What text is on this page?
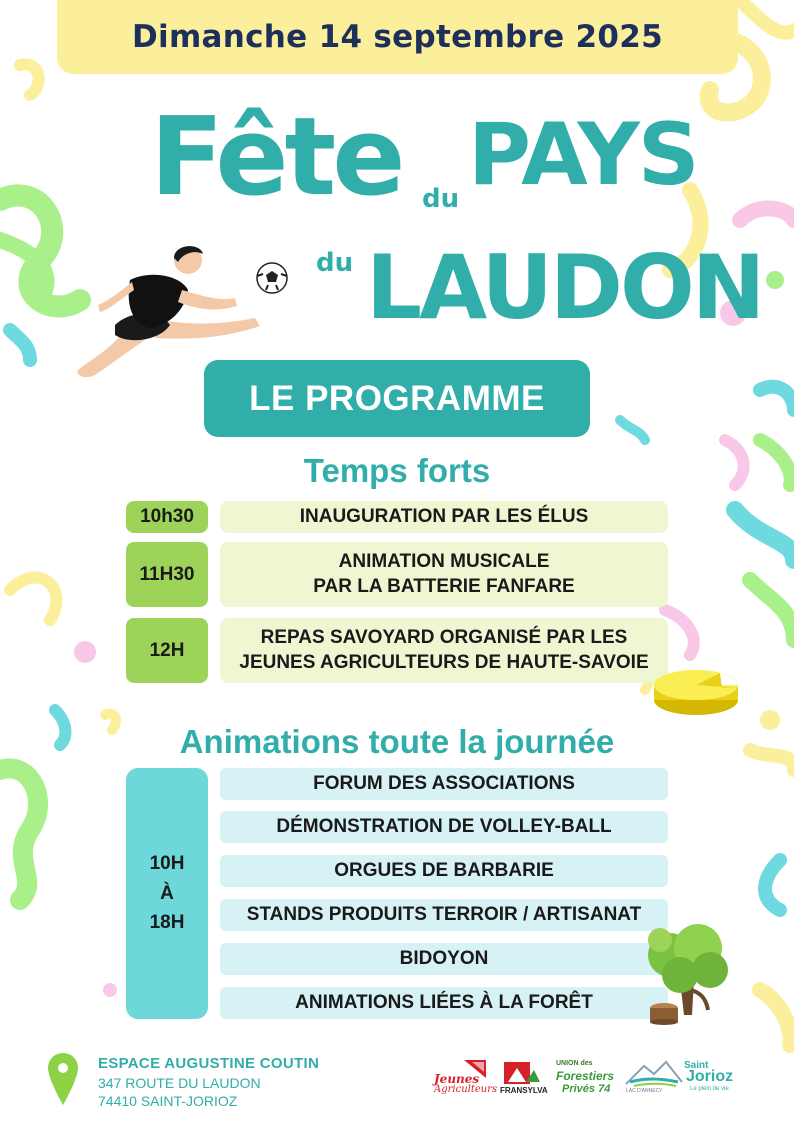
Dimanche 14 septembre 2025
Fête du PAYS
du LAUDON
LE PROGRAMME
Temps forts
10h30	INAUGURATION PAR LES ÉLUS
11H30
ANIMATION MUSICALE
PAR LA BATTERIE FANFARE
12H
REPAS SAVOYARD ORGANISÉ PAR LES
JEUNES AGRICULTEURS DE HAUTE-SAVOIE
Animations toute la journée
10H
À
18H
FORUM DES ASSOCIATIONS
DÉMONSTRATION DE VOLLEY-BALL
ORGUES DE BARBARIE
STANDS PRODUITS TERROIR / ARTISANAT
BIDOYON
ANIMATIONS LIÉES À LA FORÊT
ESPACE AUGUSTINE COUTIN
347 ROUTE DU LAUDON
74410 SAINT-JORIOZ
Jeunes
Agriculteurs FRANSYLVA
UNION des
Forestiers
Privés 74
Saint
Jorioz
Le plein de vie
LAC D'ANNECY
